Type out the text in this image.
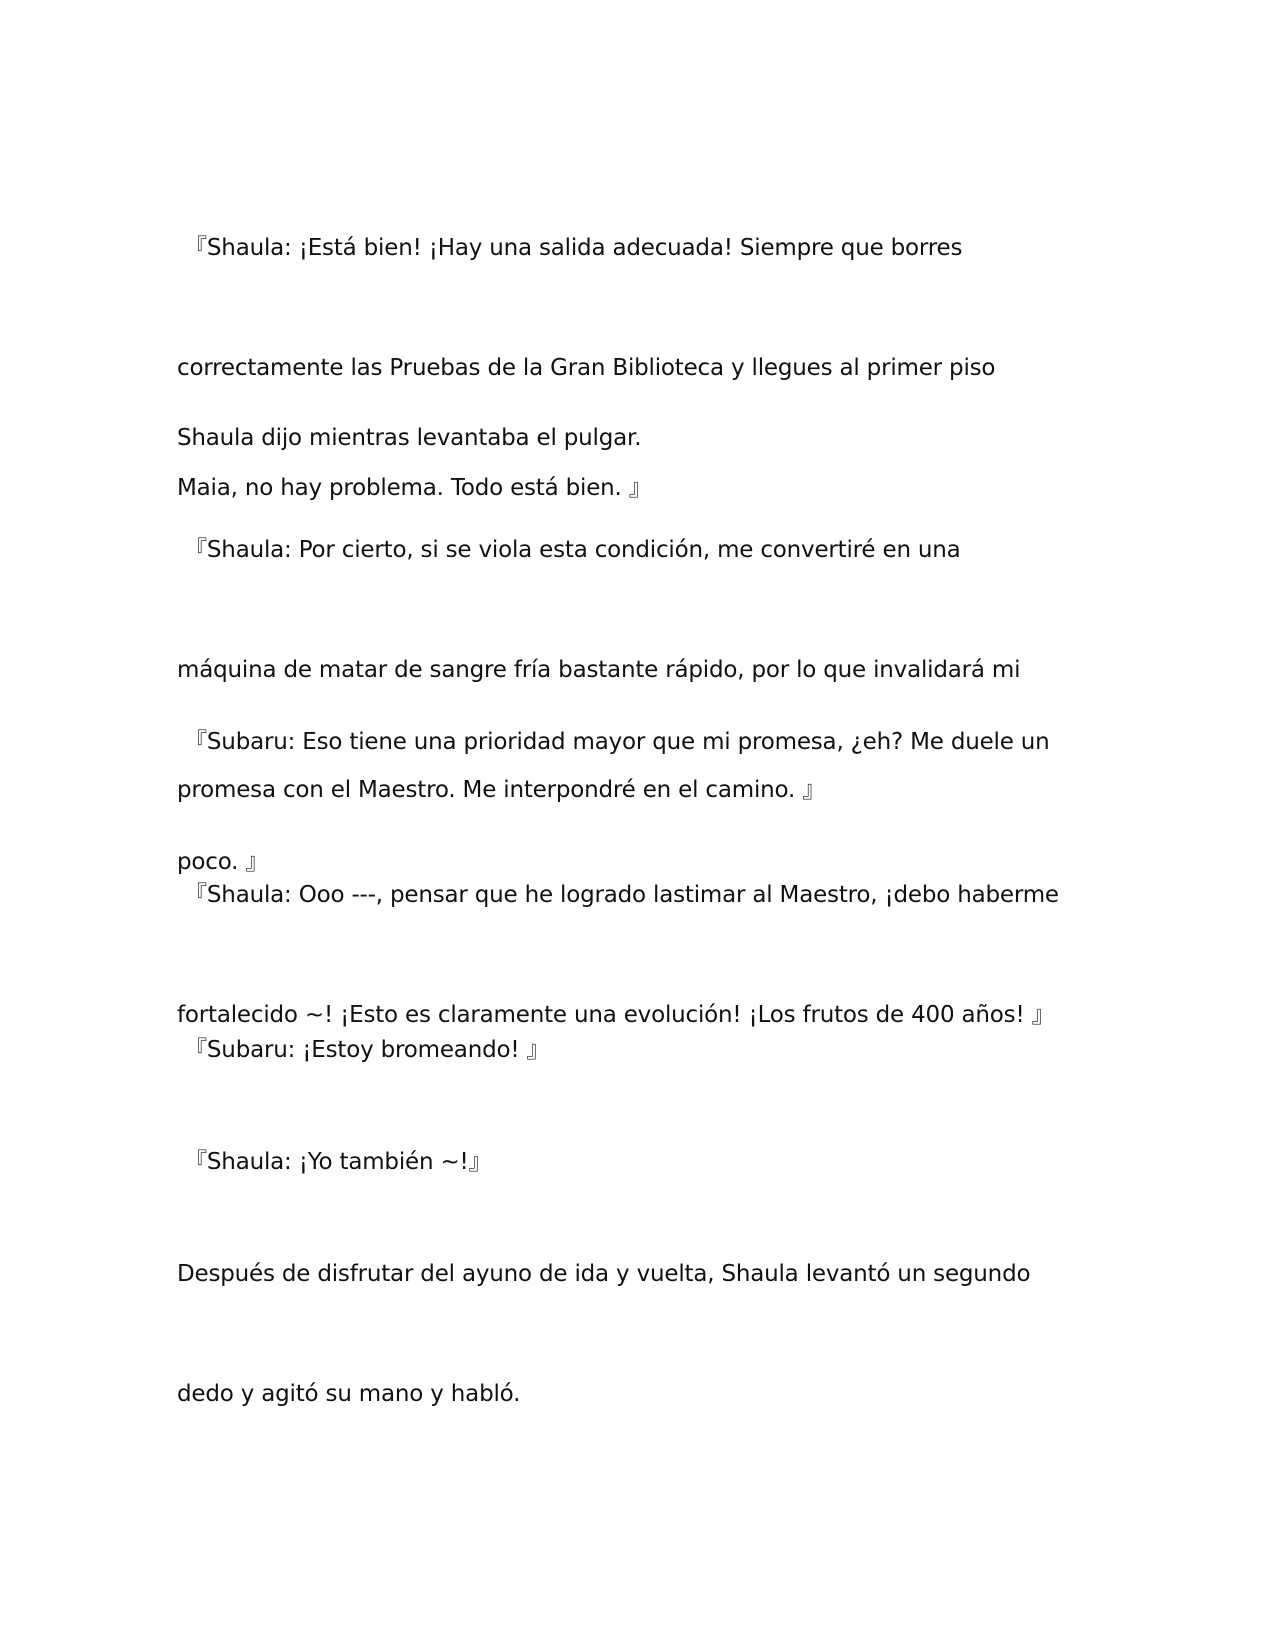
『Shaula: ¡Está bien! ¡Hay una salida adecuada! Siempre que borres

correctamente las Pruebas de la Gran Biblioteca y llegues al primer piso

Maia, no hay problema. Todo está bien. 』

Shaula dijo mientras levantaba el pulgar.

『Shaula: Por cierto, si se viola esta condición, me convertiré en una

máquina de matar de sangre fría bastante rápido, por lo que invalidará mi

promesa con el Maestro. Me interpondré en el camino. 』

『Subaru: Eso tiene una prioridad mayor que mi promesa, ¿eh? Me duele un

poco. 』

『Shaula: Ooo ---, pensar que he logrado lastimar al Maestro, ¡debo haberme

fortalecido ~! ¡Esto es claramente una evolución! ¡Los frutos de 400 años! 』

『Subaru: ¡Estoy bromeando! 』

『Shaula: ¡Yo también ~!』

Después de disfrutar del ayuno de ida y vuelta, Shaula levantó un segundo

dedo y agitó su mano y habló.
